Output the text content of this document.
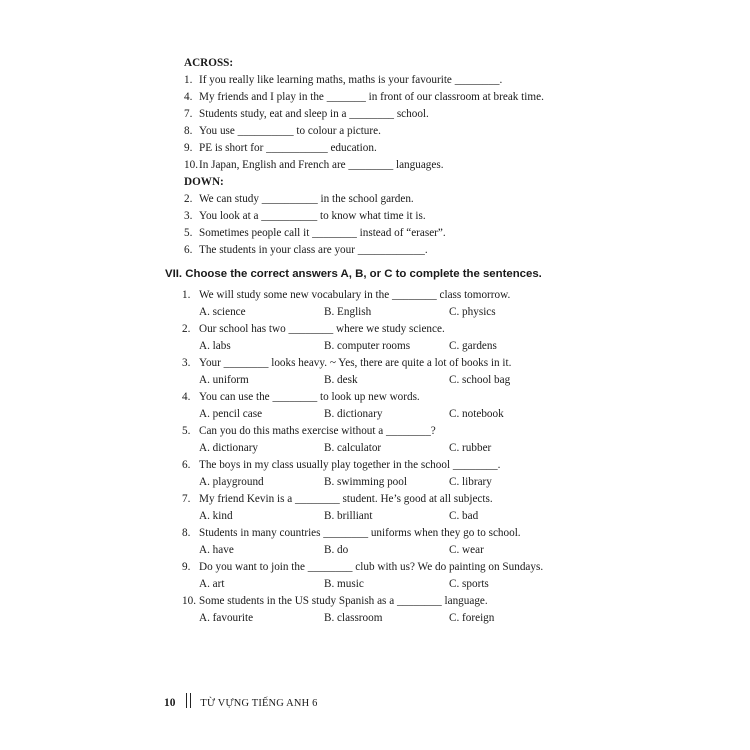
ACROSS:
1. If you really like learning maths, maths is your favourite ________.
4. My friends and I play in the _______ in front of our classroom at break time.
7. Students study, eat and sleep in a ________ school.
8. You use __________ to colour a picture.
9. PE is short for ___________ education.
10.In Japan, English and French are ________ languages.
DOWN:
2. We can study __________ in the school garden.
3. You look at a __________ to know what time it is.
5. Sometimes people call it ________ instead of “eraser”.
6. The students in your class are your ____________.
VII. Choose the correct answers A, B, or C to complete the sentences.
1. We will study some new vocabulary in the ________ class tomorrow.
A. science	B. English	C. physics
2. Our school has two ________ where we study science.
A. labs	B. computer rooms	C. gardens
3. Your ________ looks heavy. ~ Yes, there are quite a lot of books in it.
A. uniform	B. desk	C. school bag
4. You can use the ________ to look up new words.
A. pencil case	B. dictionary	C. notebook
5. Can you do this maths exercise without a ________?
A. dictionary	B. calculator	C. rubber
6. The boys in my class usually play together in the school ________.
A. playground	B. swimming pool	C. library
7. My friend Kevin is a ________ student. He’s good at all subjects.
A. kind	B. brilliant	C. bad
8. Students in many countries ________ uniforms when they go to school.
A. have	B. do	C. wear
9. Do you want to join the ________ club with us? We do painting on Sundays.
A. art	B. music	C. sports
10. Some students in the US study Spanish as a ________ language.
A. favourite	B. classroom	C. foreign
10 TỪ VỰNG TIẾNG ANH 6
